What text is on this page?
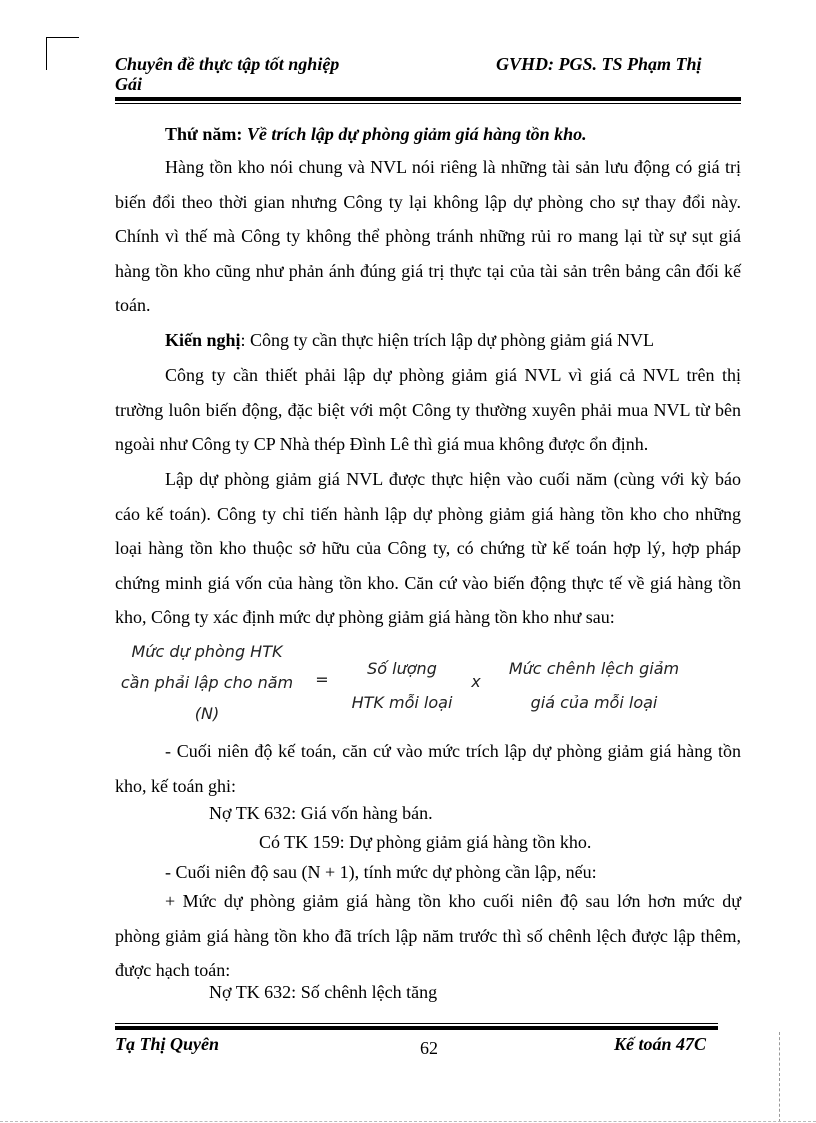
Chuyên đề thực tập tốt nghiệp
Gái
GVHD: PGS. TS Phạm Thị
Thứ năm: Về trích lập dự phòng giảm giá hàng tồn kho.
Hàng tồn kho nói chung và NVL nói riêng là những tài sản lưu động có giá trị biến đổi theo thời gian nhưng Công ty lại không lập dự phòng cho sự thay đổi này. Chính vì thế mà Công ty không thể phòng tránh những rủi ro mang lại từ sự sụt giá hàng tồn kho cũng như phản ánh đúng giá trị thực tại của tài sản trên bảng cân đối kế toán.
Kiến nghị: Công ty cần thực hiện trích lập dự phòng giảm giá NVL
Công ty cần thiết phải lập dự phòng giảm giá NVL vì giá cả NVL trên thị trường luôn biến động, đặc biệt với một Công ty thường xuyên phải mua NVL từ bên ngoài như Công ty CP Nhà thép Đình Lê thì giá mua không được ổn định.
Lập dự phòng giảm giá NVL được thực hiện vào cuối năm (cùng với kỳ báo cáo kế toán). Công ty chỉ tiến hành lập dự phòng giảm giá hàng tồn kho cho những loại hàng tồn kho thuộc sở hữu của Công ty, có chứng từ kế toán hợp lý, hợp pháp chứng minh giá vốn của hàng tồn kho. Căn cứ vào biến động thực tế về giá hàng tồn kho, Công ty xác định mức dự phòng giảm giá hàng tồn kho như sau:
Mức dự phòng HTK
cần phải lập cho năm
(N)
=
Số lượng
HTK mỗi loại
x
Mức chênh lệch giảm
giá của mỗi loại
- Cuối niên độ kế toán, căn cứ vào mức trích lập dự phòng giảm giá hàng tồn kho, kế toán ghi:
Nợ TK 632: Giá vốn hàng bán.
Có TK 159: Dự phòng giảm giá hàng tồn kho.
- Cuối niên độ sau (N + 1), tính mức dự phòng cần lập, nếu:
+ Mức dự phòng giảm giá hàng tồn kho cuối niên độ sau lớn hơn mức dự phòng giảm giá hàng tồn kho đã trích lập năm trước thì số chênh lệch được lập thêm, được hạch toán:
Nợ TK 632: Số chênh lệch tăng
Tạ Thị Quyên	62	Kế toán 47C
